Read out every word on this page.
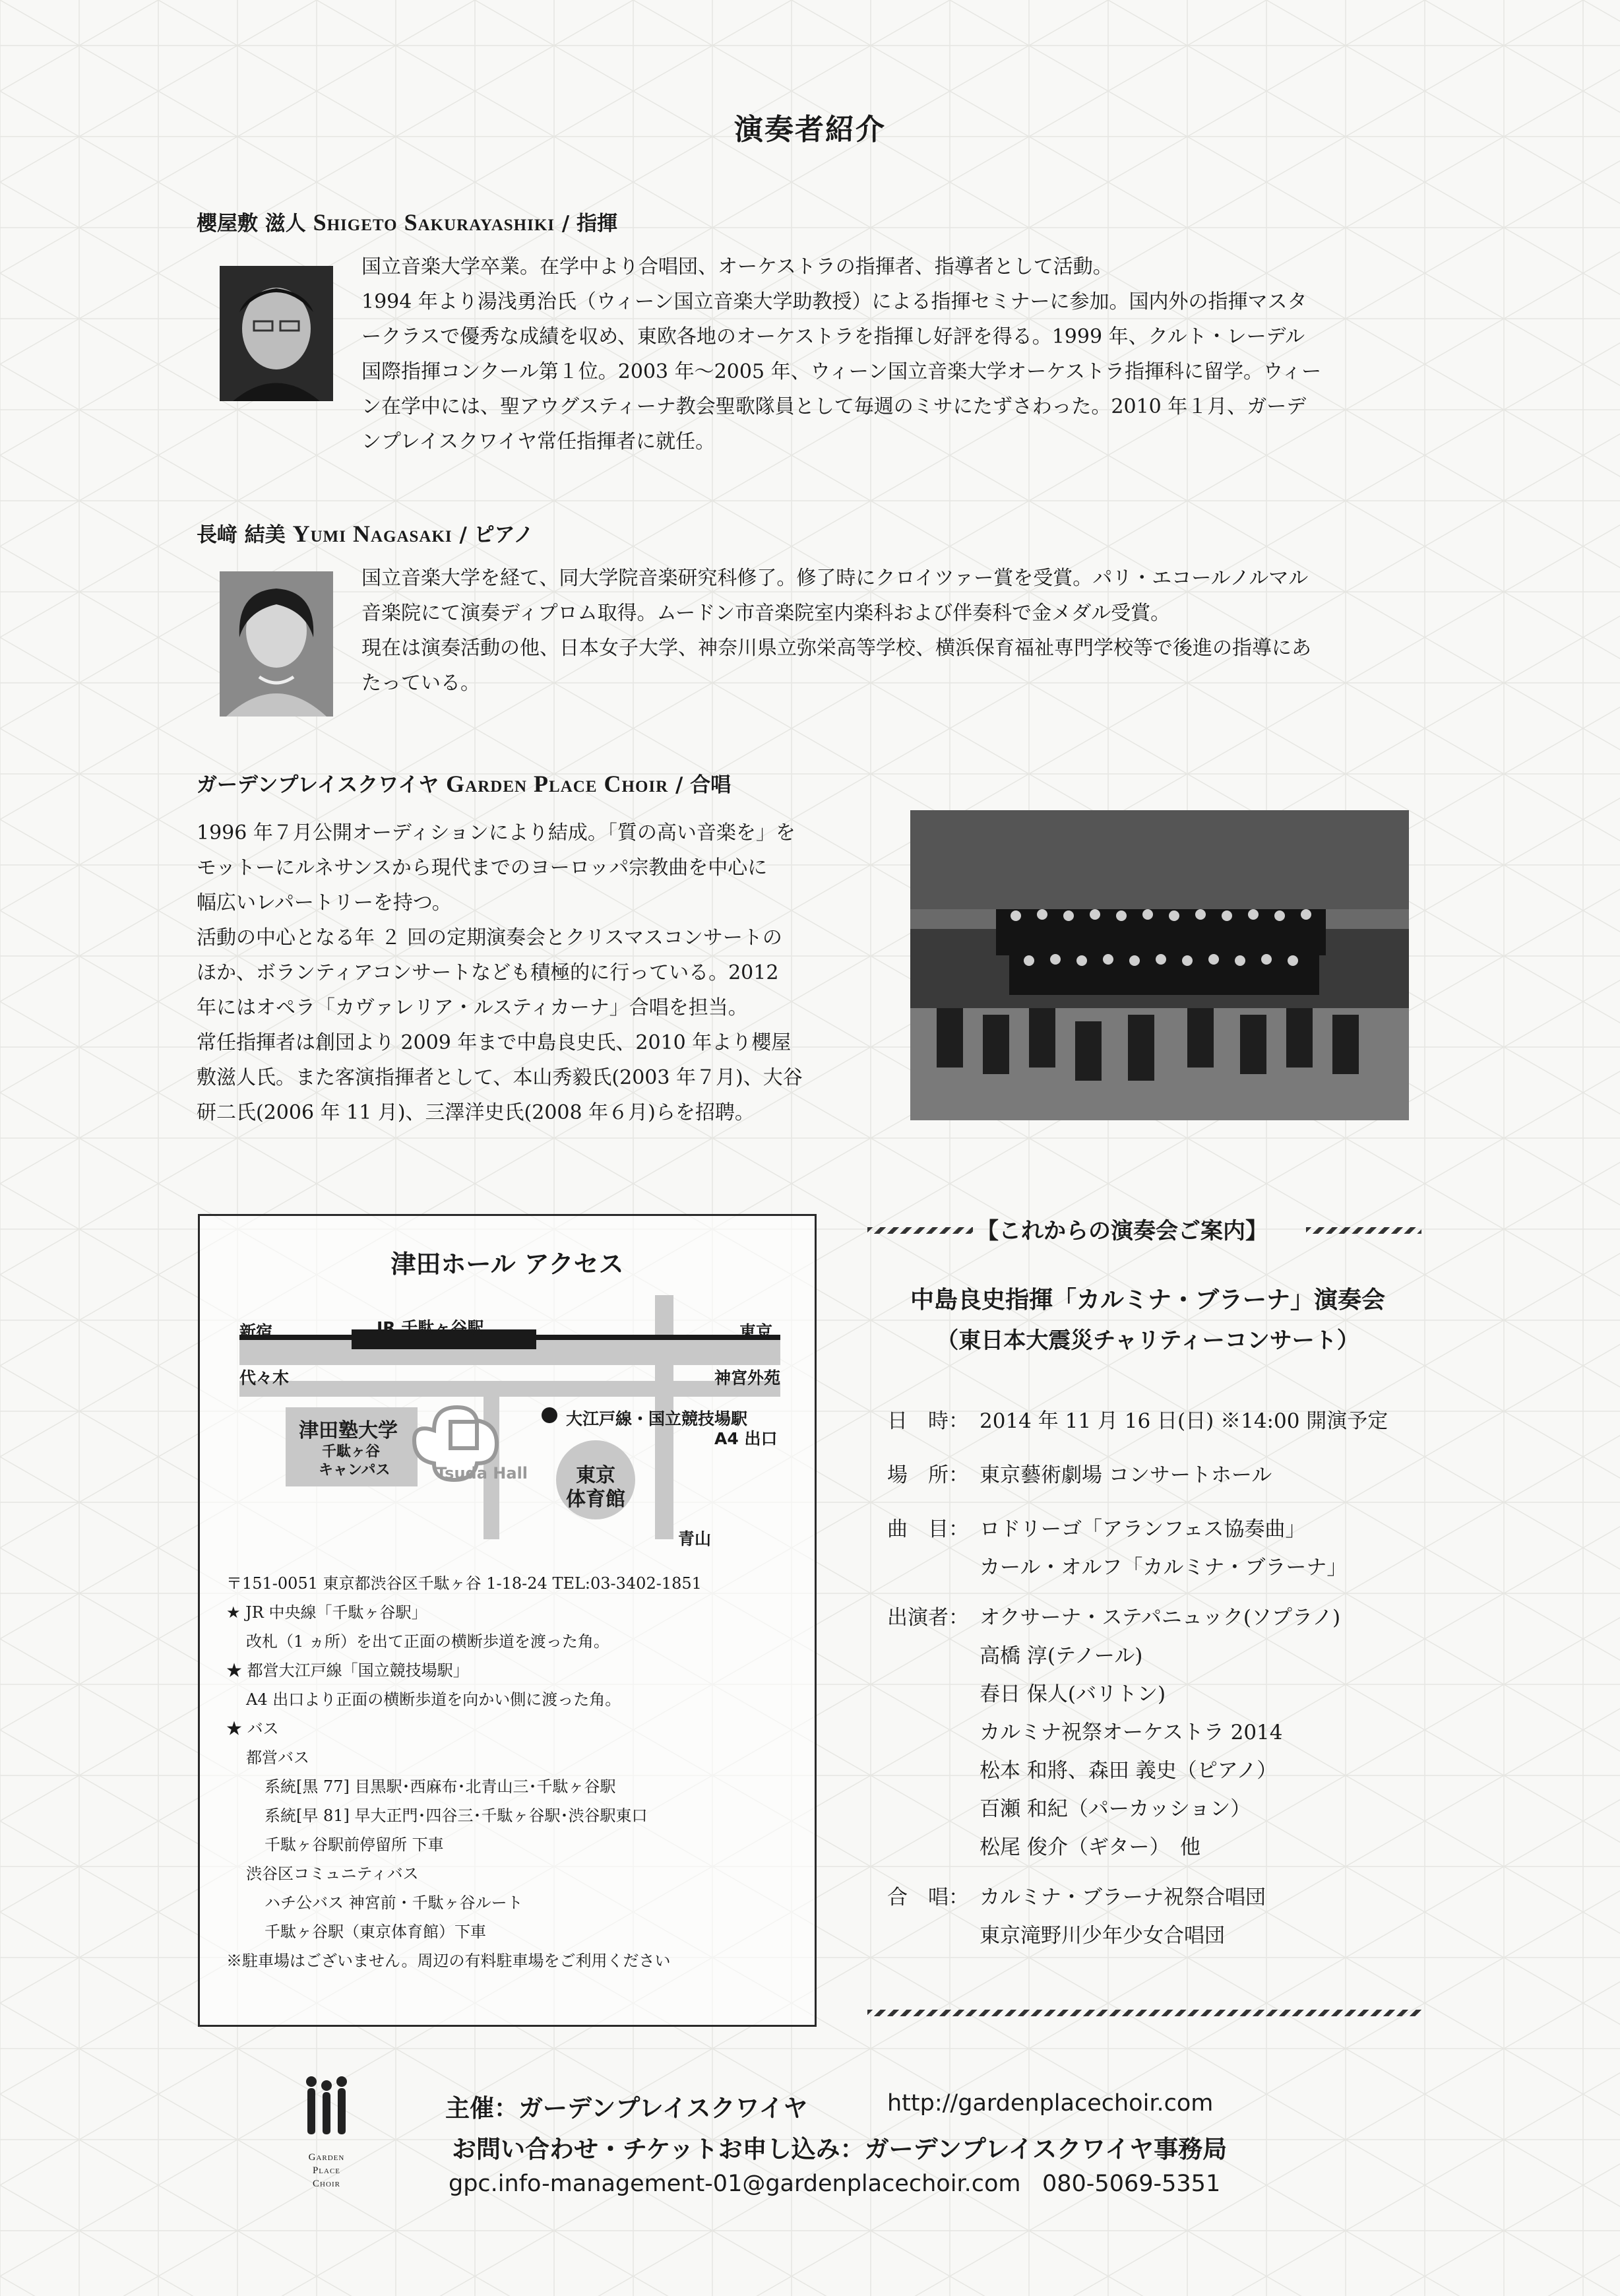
演奏者紹介
櫻屋敷 滋人 Shigeto Sakurayashiki / 指揮

国立音楽大学卒業。在学中より合唱団、オーケストラの指揮者、指導者として活動。

1994 年より湯浅勇治氏（ウィーン国立音楽大学助教授）による指揮セミナーに参加。国内外の指揮マスタ

ークラスで優秀な成績を収め、東欧各地のオーケストラを指揮し好評を得る。1999 年、クルト・レーデル

国際指揮コンクール第１位。2003 年〜2005 年、ウィーン国立音楽大学オーケストラ指揮科に留学。ウィー

ン在学中には、聖アウグスティーナ教会聖歌隊員として毎週のミサにたずさわった。2010 年１月、ガーデ

ンプレイスクワイヤ常任指揮者に就任。

長﨑 結美 Yumi Nagasaki / ピアノ

国立音楽大学を経て、同大学院音楽研究科修了。修了時にクロイツァー賞を受賞。パリ・エコールノルマル

音楽院にて演奏ディプロム取得。ムードン市音楽院室内楽科および伴奏科で金メダル受賞。

現在は演奏活動の他、日本女子大学、神奈川県立弥栄高等学校、横浜保育福祉専門学校等で後進の指導にあ

たっている。

ガーデンプレイスクワイヤ Garden Place Choir / 合唱

1996 年７月公開オーディションにより結成。「質の高い音楽を」を

モットーにルネサンスから現代までのヨーロッパ宗教曲を中心に

幅広いレパートリーを持つ。

活動の中心となる年 ２ 回の定期演奏会とクリスマスコンサートの

ほか、ボランティアコンサートなども積極的に行っている。2012

年にはオペラ「カヴァレリア・ルスティカーナ」合唱を担当。

常任指揮者は創団より 2009 年まで中島良史氏、2010 年より櫻屋

敷滋人氏。また客演指揮者として、本山秀毅氏(2003 年７月)、大谷

研二氏(2006 年 11 月)、三澤洋史氏(2008 年６月)らを招聘。

津田ホール アクセス
JR 千駄ヶ谷駅
新宿	東京
代々木	神宮外苑
津田塾大学
千駄ヶ谷
キャンパス	Tsuda Hall
大江戸線・国立競技場駅
A4 出口
東京
体育館
青山

〒151-0051 東京都渋谷区千駄ヶ谷 1-18-24 TEL:03-3402-1851

★ JR 中央線「千駄ヶ谷駅」

改札（1 ヵ所）を出て正面の横断歩道を渡った角。

★ 都営大江戸線「国立競技場駅」

A4 出口より正面の横断歩道を向かい側に渡った角。

★ バス

都営バス

系統[黒 77] 目黒駅･西麻布･北青山三･千駄ヶ谷駅

系統[早 81] 早大正門･四谷三･千駄ヶ谷駅･渋谷駅東口

千駄ヶ谷駅前停留所 下車

渋谷区コミュニティバス

ハチ公バス 神宮前・千駄ヶ谷ルート

千駄ヶ谷駅（東京体育館）下車

※駐車場はございません。周辺の有料駐車場をご利用ください

【これからの演奏会ご案内】
中島良史指揮「カルミナ・ブラーナ」演奏会
（東日本大震災チャリティーコンサート）
日　時： 2014 年 11 月 16 日(日) ※14:00 開演予定
場　所： 東京藝術劇場 コンサートホール
曲　目： ロドリーゴ「アランフェス協奏曲」
カール・オルフ「カルミナ・ブラーナ」
出演者： オクサーナ・ステパニュック(ソプラノ)
高橋 淳(テノール)
春日 保人(バリトン)
カルミナ祝祭オーケストラ 2014
松本 和將、森田 義史（ピアノ）
百瀬 和紀（パーカッション）
松尾 俊介（ギター）　他
合　唱： カルミナ・ブラーナ祝祭合唱団
東京滝野川少年少女合唱団
Garden
Place
Choir
主催：ガーデンプレイスクワイヤ	http://gardenplacechoir.com
お問い合わせ・チケットお申し込み：ガーデンプレイスクワイヤ事務局
gpc.info-management-01@gardenplacechoir.com 080-5069-5351
